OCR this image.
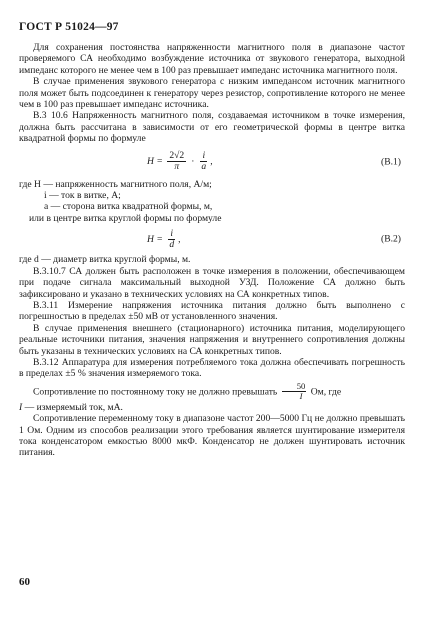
ГОСТ Р 51024—97

Для сохранения постоянства напряженности магнитного поля в диапазоне частот проверяемого СА необходимо возбуждение источника от звукового генератора, выходной импеданс которого не менее чем в 100 раз превышает импеданс источника магнитного поля.

В случае применения звукового генератора с низким импедансом источник магнитного поля может быть подсоединен к генератору через резистор, сопротивление которого не менее чем в 100 раз превышает импеданс источника.

В.3 10.6 Напряженность магнитного поля, создаваемая источником в точке измерения, должна быть рассчитана в зависимости от его геометрической формы в центре витка квадратной формы по формуле

$H = \frac{2√2}{\pi} \cdot \frac{i}{a}$ ,	(В.1)

где H — напряженность магнитного поля, А/м;

i — ток в витке, А;

a — сторона витка квадратной формы, м,

или в центре витка круглой формы по формуле

$H = \frac{i}{d}$ ,	(В.2)

где d — диаметр витка круглой формы, м.

В.3.10.7 СА должен быть расположен в точке измерения в положении, обеспечивающем при подаче сигнала максимальный выходной УЗД. Положение СА должно быть зафиксировано и указано в технических условиях на СА конкретных типов.

В.3.11 Измерение напряжения источника питания должно быть выполнено с погрешностью в пределах ±50 мВ от установленного значения.

В случае применения внешнего (стационарного) источника питания, моделирующего реальные источники питания, значения напряжения и внутреннего сопротивления должны быть указаны в технических условиях на СА конкретных типов.

В.3.12 Аппаратура для измерения потребляемого тока должна обеспечивать погрешность в пределах ±5 % значения измеряемого тока.

Сопротивление по постоянному току не должно превышать $\frac{50}{I}$ Ом, где
I — измеряемый ток, мА.

Сопротивление переменному току в диапазоне частот 200—5000 Гц не должно превышать 1 Ом. Одним из способов реализации этого требования является шунтирование измерителя тока конденсатором емкостью 8000 мкФ. Конденсатор не должен шунтировать источник питания.

60
